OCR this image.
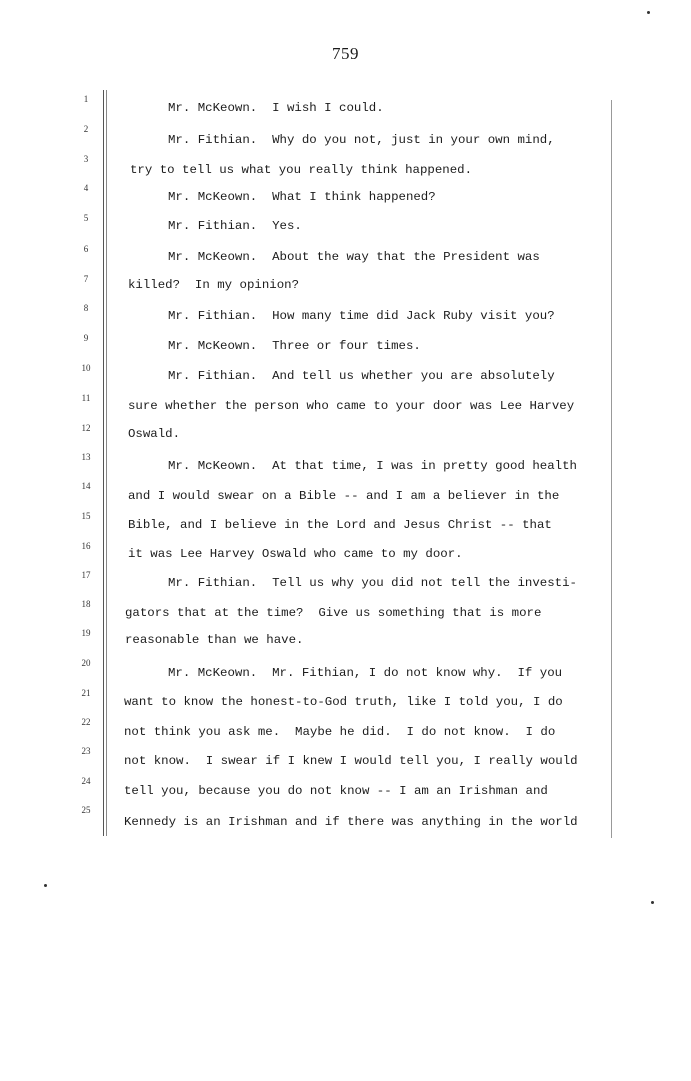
759
1
2
3
4
5
6
7
8
9
10
11
12
13
14
15
16
17
18
19
20
21
22
23
24
25
Mr. McKeown.  I wish I could.
Mr. Fithian.  Why do you not, just in your own mind,
try to tell us what you really think happened.
Mr. McKeown.  What I think happened?
Mr. Fithian.  Yes.
Mr. McKeown.  About the way that the President was
killed?  In my opinion?
Mr. Fithian.  How many time did Jack Ruby visit you?
Mr. McKeown.  Three or four times.
Mr. Fithian.  And tell us whether you are absolutely
sure whether the person who came to your door was Lee Harvey
Oswald.
Mr. McKeown.  At that time, I was in pretty good health
and I would swear on a Bible -- and I am a believer in the
Bible, and I believe in the Lord and Jesus Christ -- that
it was Lee Harvey Oswald who came to my door.
Mr. Fithian.  Tell us why you did not tell the investi-
gators that at the time?  Give us something that is more
reasonable than we have.
Mr. McKeown.  Mr. Fithian, I do not know why.  If you
want to know the honest-to-God truth, like I told you, I do
not think you ask me.  Maybe he did.  I do not know.  I do
not know.  I swear if I knew I would tell you, I really would
tell you, because you do not know -- I am an Irishman and
Kennedy is an Irishman and if there was anything in the world
